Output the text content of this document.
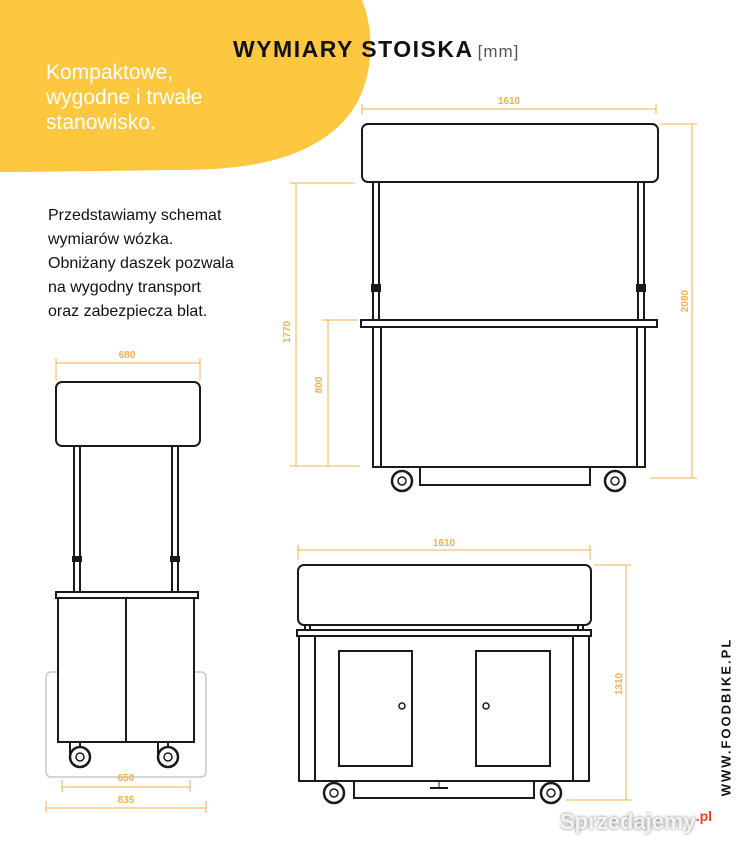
WYMIARY STOISKA [mm]
Kompaktowe,
wygodne i trwałe
stanowisko.
Przedstawiamy schemat
wymiarów wózka.
Obniżany daszek pozwala
na wygodny transport
oraz zabezpiecza blat.
1610
2080
1770
800
680
650
835
1610
1310	WWW.FOODBIKE.PL
Sprzedajemy$^{.pl}$
